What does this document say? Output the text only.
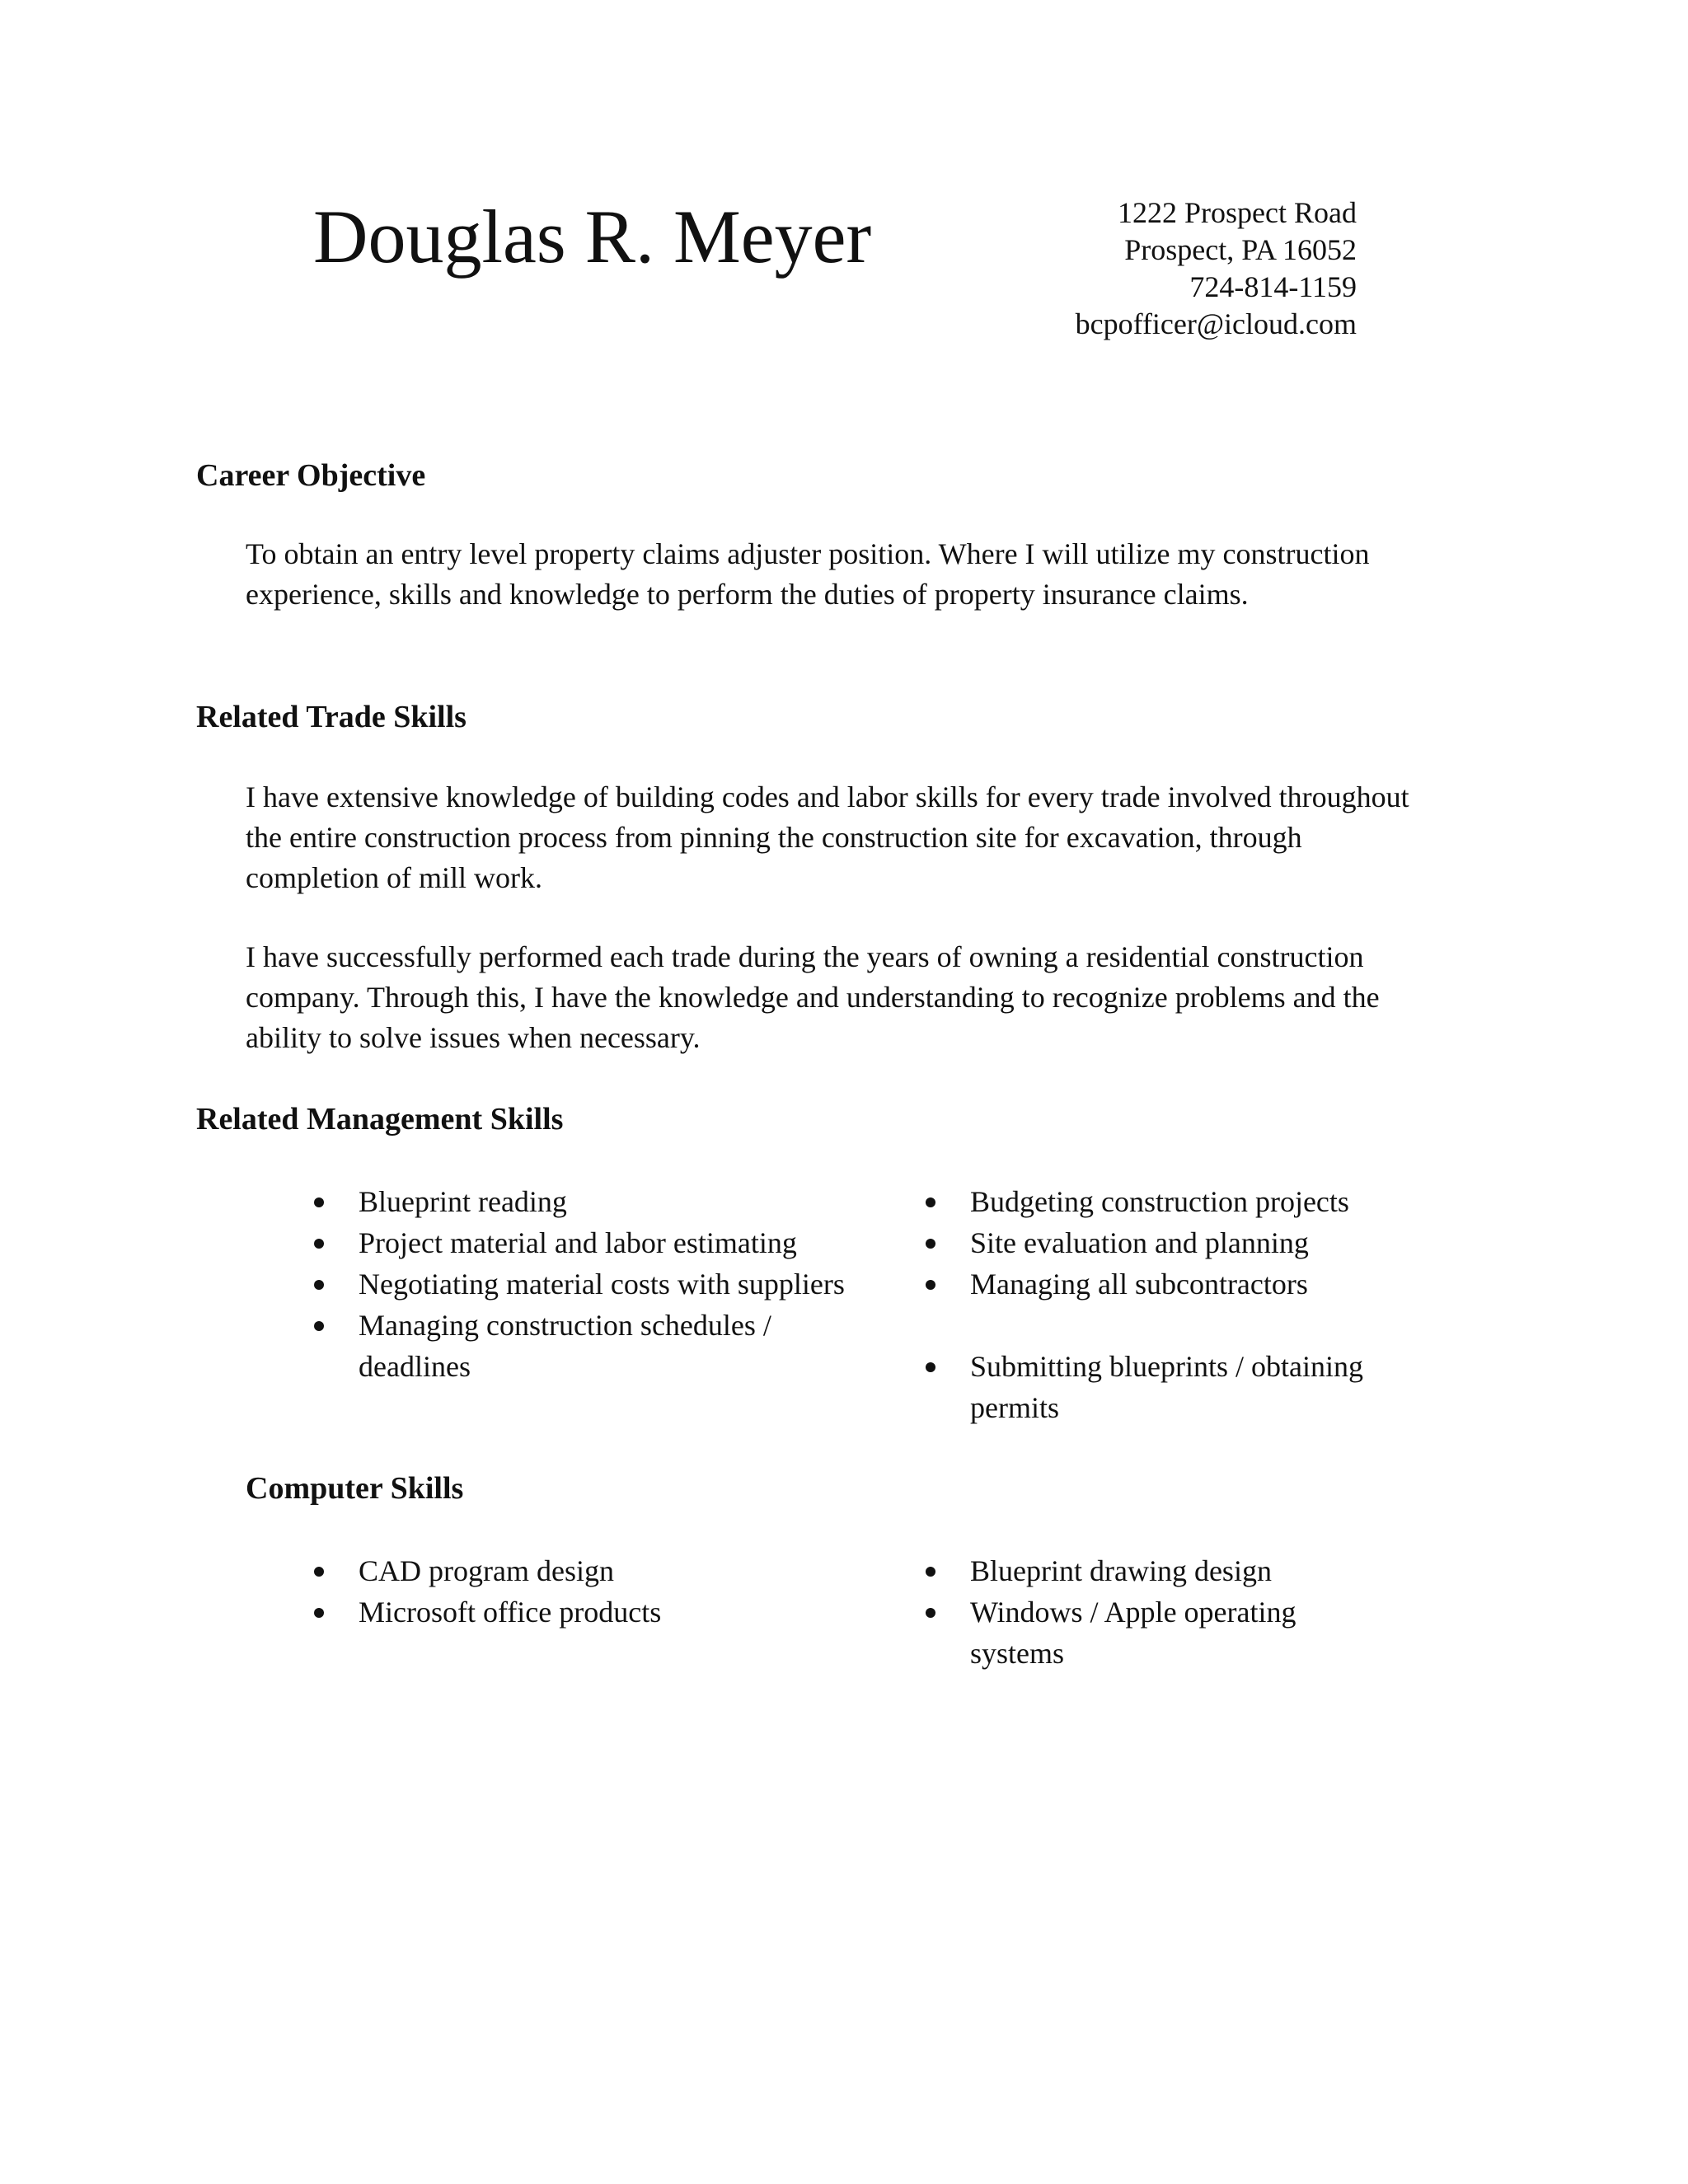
Douglas R. Meyer	1222 Prospect Road
Prospect, PA 16052
724-814-1159
bcpofficer@icloud.com
Career Objective

To obtain an entry level property claims adjuster position. Where I will utilize my construction experience, skills and knowledge to perform the duties of property insurance claims.

Related Trade Skills

I have extensive knowledge of building codes and labor skills for every trade involved throughout the entire construction process from pinning the construction site for excavation, through completion of mill work.

I have successfully performed each trade during the years of owning a residential construction company. Through this, I have the knowledge and understanding to recognize problems and the ability to solve issues when necessary.

Related Management Skills
Blueprint reading
Project material and labor estimating
Negotiating material costs with suppliers
Managing construction schedules / deadlines
Budgeting construction projects
Site evaluation and planning
Managing all subcontractors
Submitting blueprints / obtaining permits
Computer Skills
CAD program design
Microsoft office products
Blueprint drawing design
Windows / Apple operating systems
